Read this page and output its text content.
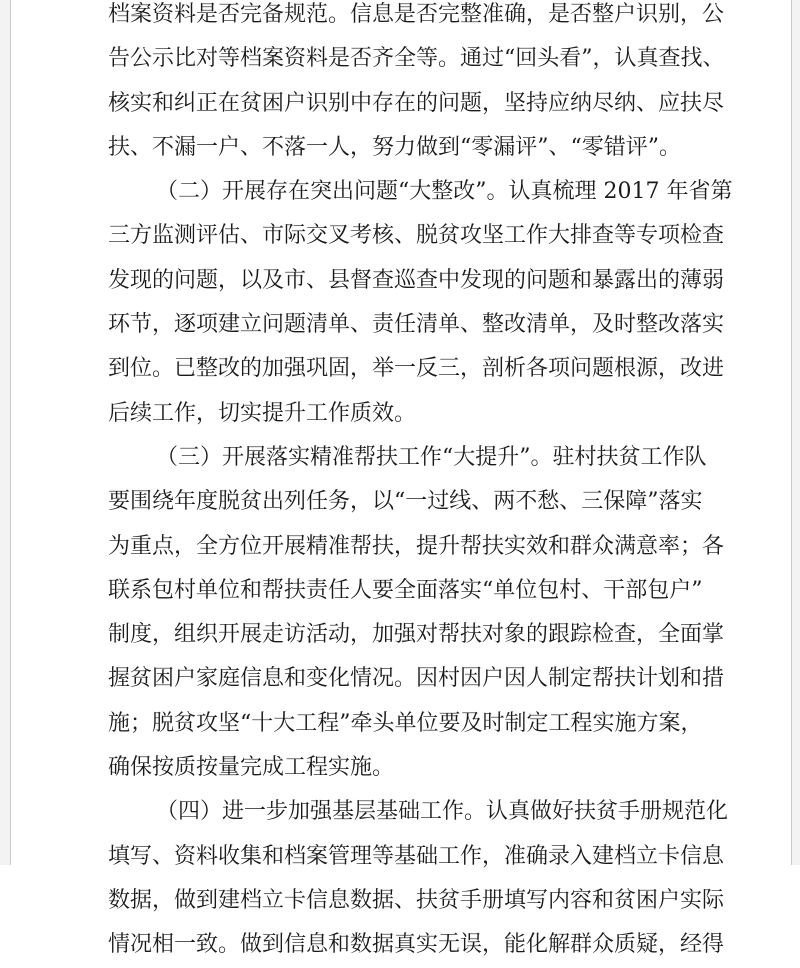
档案资料是否完备规范。信息是否完整准确，是否整户识别，公
告公示比对等档案资料是否齐全等。通过“回头看”，认真查找、
核实和纠正在贫困户识别中存在的问题，坚持应纳尽纳、应扶尽
扶、不漏一户、不落一人，努力做到“零漏评”、“零错评”。
（二）开展存在突出问题“大整改”。认真梳理 2017 年省第
三方监测评估、市际交叉考核、脱贫攻坚工作大排查等专项检查
发现的问题，以及市、县督查巡查中发现的问题和暴露出的薄弱
环节，逐项建立问题清单、责任清单、整改清单，及时整改落实
到位。已整改的加强巩固，举一反三，剖析各项问题根源，改进
后续工作，切实提升工作质效。
（三）开展落实精准帮扶工作“大提升”。驻村扶贫工作队
要围绕年度脱贫出列任务，以“一过线、两不愁、三保障”落实
为重点，全方位开展精准帮扶，提升帮扶实效和群众满意率；各
联系包村单位和帮扶责任人要全面落实“单位包村、干部包户”
制度，组织开展走访活动，加强对帮扶对象的跟踪检查，全面掌
握贫困户家庭信息和变化情况。因村因户因人制定帮扶计划和措
施；脱贫攻坚“十大工程”牵头单位要及时制定工程实施方案，
确保按质按量完成工程实施。
（四）进一步加强基层基础工作。认真做好扶贫手册规范化
填写、资料收集和档案管理等基础工作，准确录入建档立卡信息
数据，做到建档立卡信息数据、扶贫手册填写内容和贫困户实际
情况相一致。做到信息和数据真实无误，能化解群众质疑，经得
